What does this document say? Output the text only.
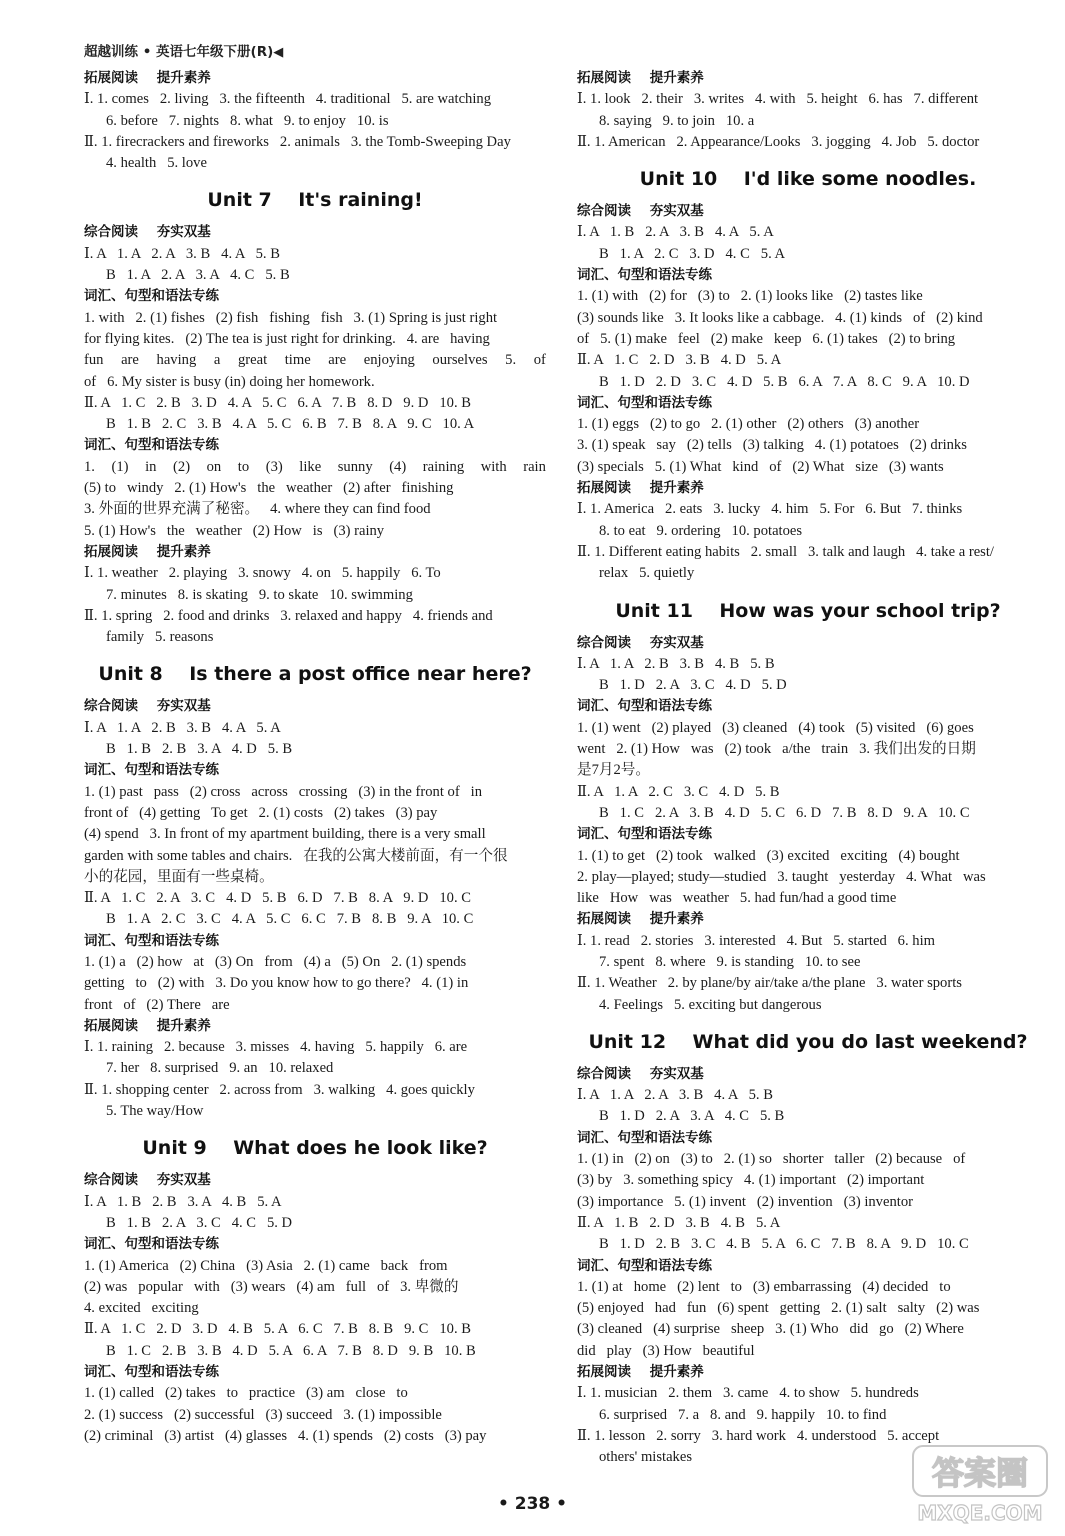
超越训练 • 英语七年级下册(R)◀
拓展阅读    提升素养
Ⅰ. 1. comes   2. living   3. the fifteenth   4. traditional   5. are watching
6. before   7. nights   8. what   9. to enjoy   10. is
Ⅱ. 1. firecrackers and fireworks   2. animals   3. the Tomb-Sweeping Day
4. health   5. love
Unit 7    It's raining!
综合阅读    夯实双基
Ⅰ. A   1. A   2. A   3. B   4. A   5. B
B   1. A   2. A   3. A   4. C   5. B
词汇、句型和语法专练
1. with   2. (1) fishes   (2) fish   fishing   fish   3. (1) Spring is just right
for flying kites.   (2) The tea is just right for drinking.   4. are   having
fun are having a great time are enjoying ourselves 5. of
of   6. My sister is busy (in) doing her homework.
Ⅱ. A   1. C   2. B   3. D   4. A   5. C   6. A   7. B   8. D   9. D   10. B
B   1. B   2. C   3. B   4. A   5. C   6. B   7. B   8. A   9. C   10. A
词汇、句型和语法专练
1. (1) in (2) on to (3) like sunny (4) raining with rain
(5) to   windy   2. (1) How's   the   weather   (2) after   finishing
3. 外面的世界充满了秘密。   4. where they can find food
5. (1) How's   the   weather   (2) How   is   (3) rainy
拓展阅读    提升素养
Ⅰ. 1. weather   2. playing   3. snowy   4. on   5. happily   6. To
7. minutes   8. is skating   9. to skate   10. swimming
Ⅱ. 1. spring   2. food and drinks   3. relaxed and happy   4. friends and
family   5. reasons
Unit 8    Is there a post office near here?
综合阅读    夯实双基
Ⅰ. A   1. A   2. B   3. B   4. A   5. A
B   1. B   2. B   3. A   4. D   5. B
词汇、句型和语法专练
1. (1) past   pass   (2) cross   across   crossing   (3) in the front of   in
front of   (4) getting   To get   2. (1) costs   (2) takes   (3) pay
(4) spend   3. In front of my apartment building, there is a very small
garden with some tables and chairs.   在我的公寓大楼前面，有一个很
小的花园，里面有一些桌椅。
Ⅱ. A   1. C   2. A   3. C   4. D   5. B   6. D   7. B   8. A   9. D   10. C
B   1. A   2. C   3. C   4. A   5. C   6. C   7. B   8. B   9. A   10. C
词汇、句型和语法专练
1. (1) a   (2) how   at   (3) On   from   (4) a   (5) On   2. (1) spends
getting   to   (2) with   3. Do you know how to go there?   4. (1) in
front   of   (2) There   are
拓展阅读    提升素养
Ⅰ. 1. raining   2. because   3. misses   4. having   5. happily   6. are
7. her   8. surprised   9. an   10. relaxed
Ⅱ. 1. shopping center   2. across from   3. walking   4. goes quickly
5. The way/How
Unit 9    What does he look like?
综合阅读    夯实双基
Ⅰ. A   1. B   2. B   3. A   4. B   5. A
B   1. B   2. A   3. C   4. C   5. D
词汇、句型和语法专练
1. (1) America   (2) China   (3) Asia   2. (1) came   back   from
(2) was   popular   with   (3) wears   (4) am   full   of   3. 卑微的
4. excited   exciting
Ⅱ. A   1. C   2. D   3. D   4. B   5. A   6. C   7. B   8. B   9. C   10. B
B   1. C   2. B   3. B   4. D   5. A   6. A   7. B   8. D   9. B   10. B
词汇、句型和语法专练
1. (1) called   (2) takes   to   practice   (3) am   close   to
2. (1) success   (2) successful   (3) succeed   3. (1) impossible
(2) criminal   (3) artist   (4) glasses   4. (1) spends   (2) costs   (3) pay
拓展阅读    提升素养
Ⅰ. 1. look   2. their   3. writes   4. with   5. height   6. has   7. different
8. saying   9. to join   10. a
Ⅱ. 1. American   2. Appearance/Looks   3. jogging   4. Job   5. doctor
Unit 10    I'd like some noodles.
综合阅读    夯实双基
Ⅰ. A   1. B   2. A   3. B   4. A   5. A
B   1. A   2. C   3. D   4. C   5. A
词汇、句型和语法专练
1. (1) with   (2) for   (3) to   2. (1) looks like   (2) tastes like
(3) sounds like   3. It looks like a cabbage.   4. (1) kinds   of   (2) kind
of   5. (1) make   feel   (2) make   keep   6. (1) takes   (2) to bring
Ⅱ. A   1. C   2. D   3. B   4. D   5. A
B   1. D   2. D   3. C   4. D   5. B   6. A   7. A   8. C   9. A   10. D
词汇、句型和语法专练
1. (1) eggs   (2) to go   2. (1) other   (2) others   (3) another
3. (1) speak   say   (2) tells   (3) talking   4. (1) potatoes   (2) drinks
(3) specials   5. (1) What   kind   of   (2) What   size   (3) wants
拓展阅读    提升素养
Ⅰ. 1. America   2. eats   3. lucky   4. him   5. For   6. But   7. thinks
8. to eat   9. ordering   10. potatoes
Ⅱ. 1. Different eating habits   2. small   3. talk and laugh   4. take a rest/
relax   5. quietly
Unit 11    How was your school trip?
综合阅读    夯实双基
Ⅰ. A   1. A   2. B   3. B   4. B   5. B
B   1. D   2. A   3. C   4. D   5. D
词汇、句型和语法专练
1. (1) went   (2) played   (3) cleaned   (4) took   (5) visited   (6) goes
went   2. (1) How   was   (2) took   a/the   train   3. 我们出发的日期
是7月2号。
Ⅱ. A   1. A   2. C   3. C   4. D   5. B
B   1. C   2. A   3. B   4. D   5. C   6. D   7. B   8. D   9. A   10. C
词汇、句型和语法专练
1. (1) to get   (2) took   walked   (3) excited   exciting   (4) bought
2. play—played; study—studied   3. taught   yesterday   4. What   was
like   How   was   weather   5. had fun/had a good time
拓展阅读    提升素养
Ⅰ. 1. read   2. stories   3. interested   4. But   5. started   6. him
7. spent   8. where   9. is standing   10. to see
Ⅱ. 1. Weather   2. by plane/by air/take a/the plane   3. water sports
4. Feelings   5. exciting but dangerous
Unit 12    What did you do last weekend?
综合阅读    夯实双基
Ⅰ. A   1. A   2. A   3. B   4. A   5. B
B   1. D   2. A   3. A   4. C   5. B
词汇、句型和语法专练
1. (1) in   (2) on   (3) to   2. (1) so   shorter   taller   (2) because   of
(3) by   3. something spicy   4. (1) important   (2) important
(3) importance   5. (1) invent   (2) invention   (3) inventor
Ⅱ. A   1. B   2. D   3. B   4. B   5. A
B   1. D   2. B   3. C   4. B   5. A   6. C   7. B   8. A   9. D   10. C
词汇、句型和语法专练
1. (1) at   home   (2) lent   to   (3) embarrassing   (4) decided   to
(5) enjoyed   had   fun   (6) spent   getting   2. (1) salt   salty   (2) was
(3) cleaned   (4) surprise   sheep   3. (1) Who   did   go   (2) Where
did   play   (3) How   beautiful
拓展阅读    提升素养
Ⅰ. 1. musician   2. them   3. came   4. to show   5. hundreds
6. surprised   7. a   8. and   9. happily   10. to find
Ⅱ. 1. lesson   2. sorry   3. hard work   4. understood   5. accept
others' mistakes
• 238 •
答案圈
MXQE.COM
